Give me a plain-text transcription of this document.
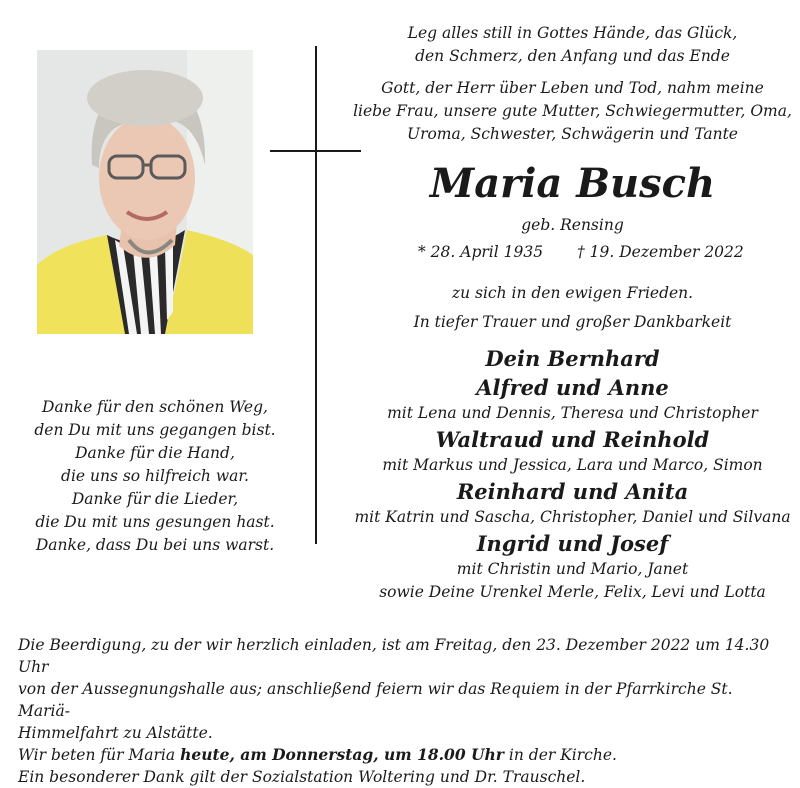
Leg alles still in Gottes Hände, das Glück,

den Schmerz, den Anfang und das Ende

Gott, der Herr über Leben und Tod, nahm meine

liebe Frau, unsere gute Mutter, Schwiegermutter, Oma,

Uroma, Schwester, Schwägerin und Tante

Maria Busch
geb. Rensing
* 28. April 1935 † 19. Dezember 2022
zu sich in den ewigen Frieden.
In tiefer Trauer und großer Dankbarkeit

Dein Bernhard

Alfred und Anne

mit Lena und Dennis, Theresa und Christopher

Waltraud und Reinhold

mit Markus und Jessica, Lara und Marco, Simon

Reinhard und Anita

mit Katrin und Sascha, Christopher, Daniel und Silvana

Ingrid und Josef

mit Christin und Mario, Janet

sowie Deine Urenkel Merle, Felix, Levi und Lotta

Danke für den schönen Weg,

den Du mit uns gegangen bist.

Danke für die Hand,

die uns so hilfreich war.

Danke für die Lieder,

die Du mit uns gesungen hast.

Danke, dass Du bei uns warst.

Die Beerdigung, zu der wir herzlich einladen, ist am Freitag, den 23. Dezember 2022 um 14.30 Uhr

von der Aussegnungshalle aus; anschließend feiern wir das Requiem in der Pfarrkirche St. Mariä-

Himmelfahrt zu Alstätte.

Wir beten für Maria heute, am Donnerstag, um 18.00 Uhr in der Kirche.

Ein besonderer Dank gilt der Sozialstation Woltering und Dr. Trauschel.
